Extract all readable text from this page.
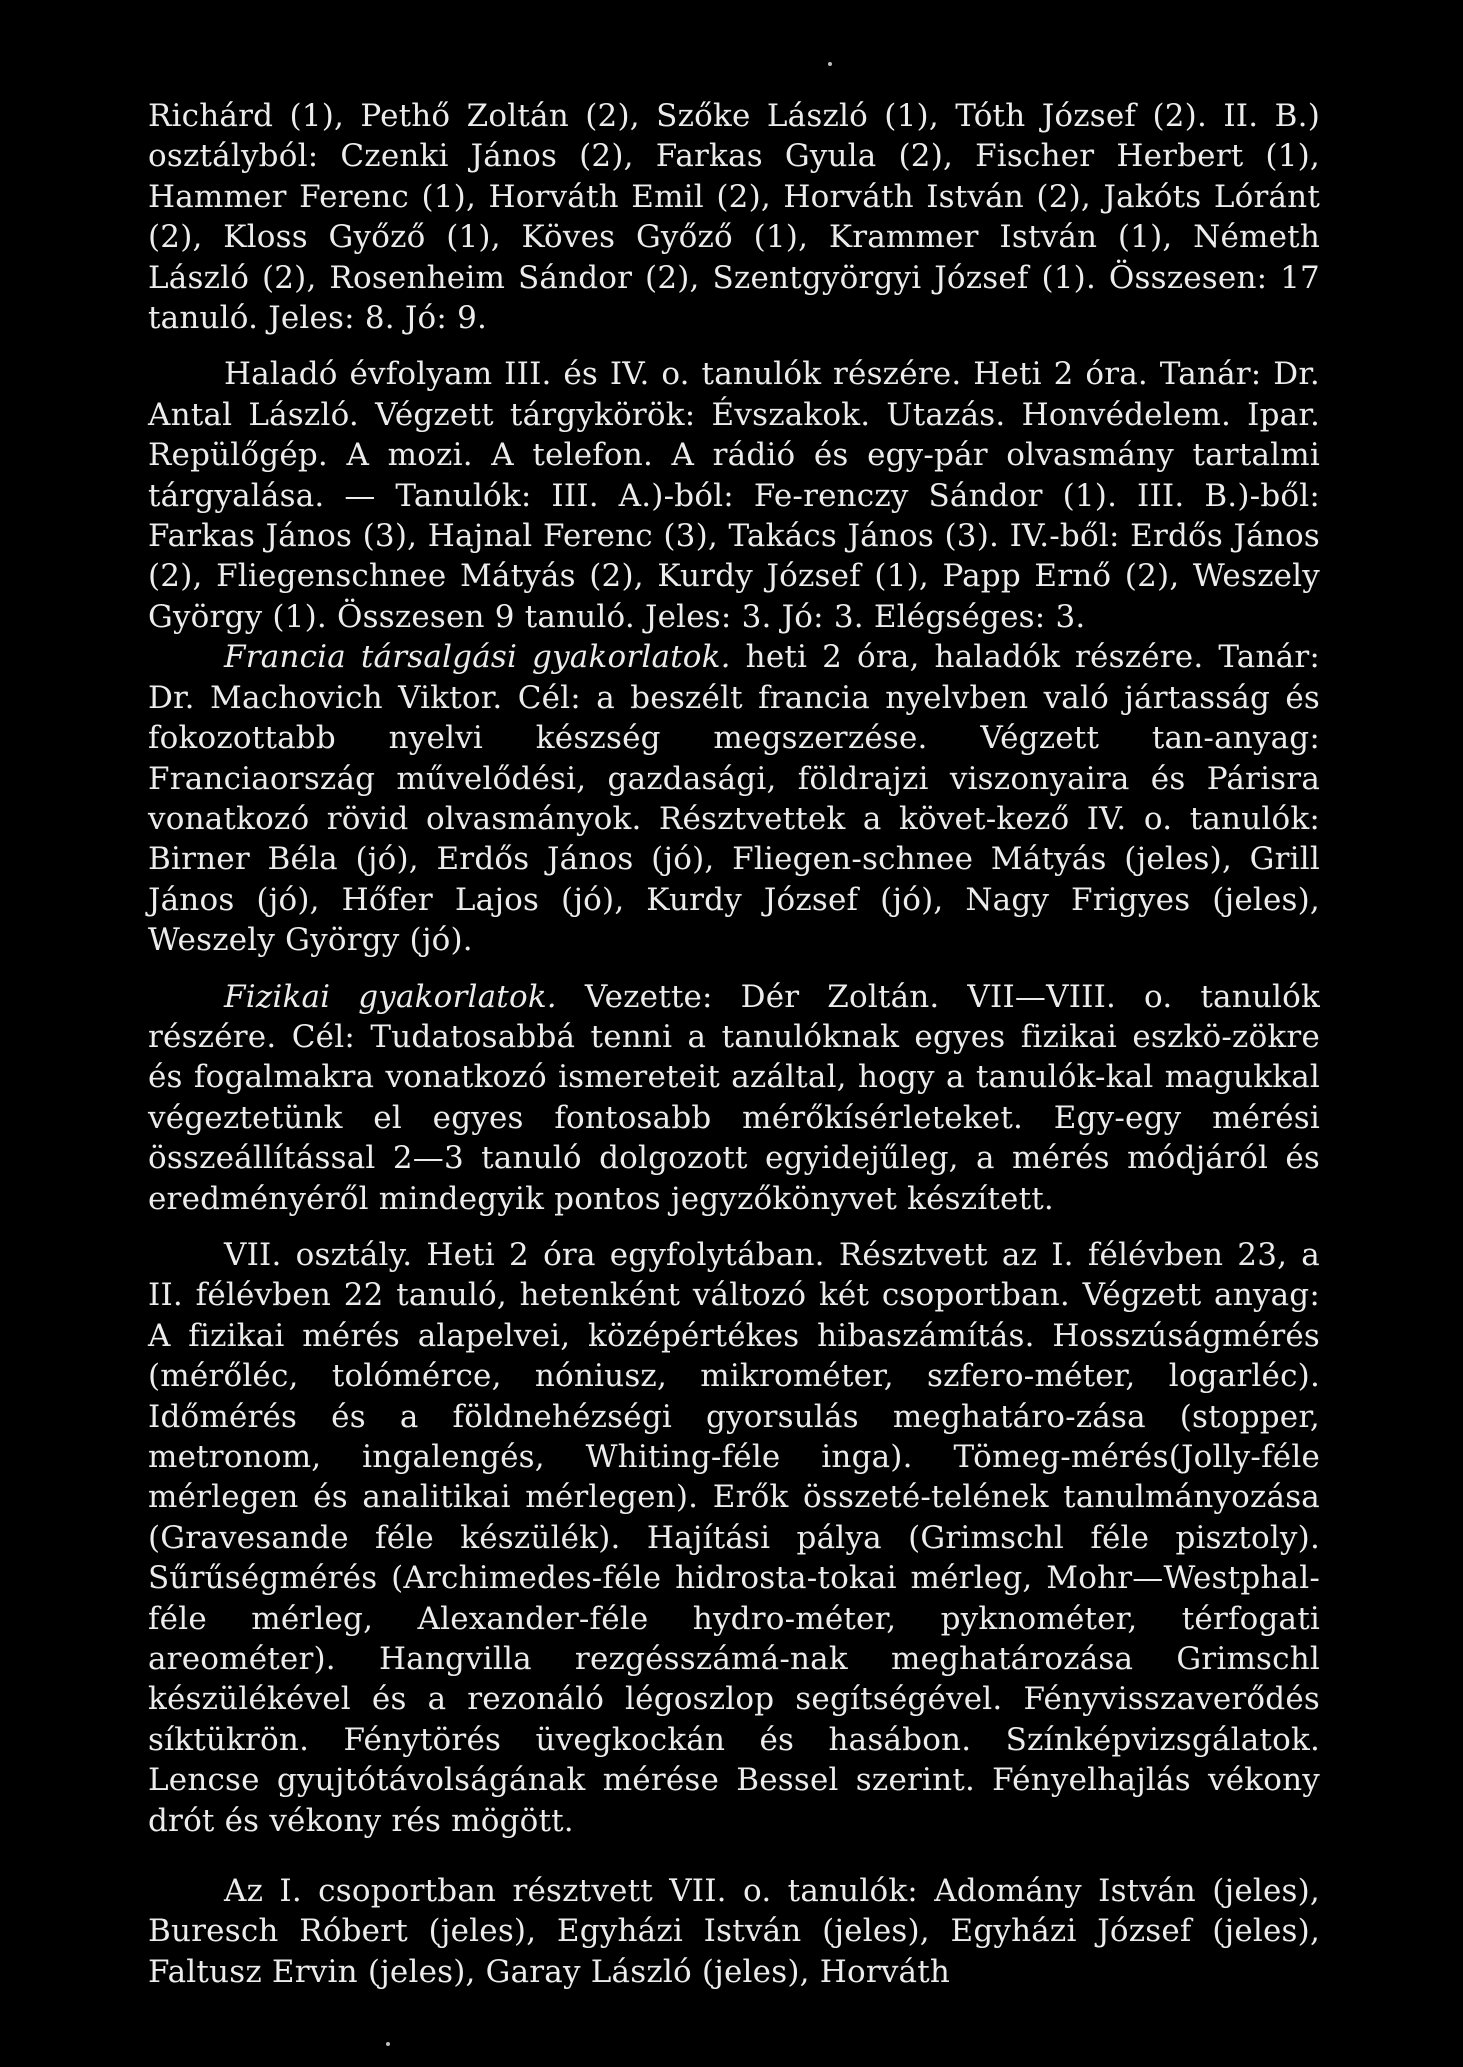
Richárd (1), Pethő Zoltán (2), Szőke László (1), Tóth József (2). II. B.) osztályból: Czenki János (2), Farkas Gyula (2), Fischer Herbert (1), Hammer Ferenc (1), Horváth Emil (2), Horváth István (2), Jakóts Lóránt (2), Kloss Győző (1), Köves Győző (1), Krammer István (1), Németh László (2), Rosenheim Sándor (2), Szentgyörgyi József (1). Összesen: 17 tanuló. Jeles: 8. Jó: 9.

Haladó évfolyam III. és IV. o. tanulók részére. Heti 2 óra. Tanár: Dr. Antal László. Végzett tárgykörök: Évszakok. Utazás. Honvédelem. Ipar. Repülőgép. A mozi. A telefon. A rádió és egy-pár olvasmány tartalmi tárgyalása. — Tanulók: III. A.)-ból: Fe-renczy Sándor (1). III. B.)-ből: Farkas János (3), Hajnal Ferenc (3), Takács János (3). IV.-ből: Erdős János (2), Fliegenschnee Mátyás (2), Kurdy József (1), Papp Ernő (2), Weszely György (1). Összesen 9 tanuló. Jeles: 3. Jó: 3. Elégséges: 3.

Francia társalgási gyakorlatok. heti 2 óra, haladók részére. Tanár: Dr. Machovich Viktor. Cél: a beszélt francia nyelvben való jártasság és fokozottabb nyelvi készség megszerzése. Végzett tan-anyag: Franciaország művelődési, gazdasági, földrajzi viszonyaira és Párisra vonatkozó rövid olvasmányok. Résztvettek a követ-kező IV. o. tanulók: Birner Béla (jó), Erdős János (jó), Fliegen-schnee Mátyás (jeles), Grill János (jó), Hőfer Lajos (jó), Kurdy József (jó), Nagy Frigyes (jeles), Weszely György (jó).

Fizikai gyakorlatok. Vezette: Dér Zoltán. VII—VIII. o. tanulók részére. Cél: Tudatosabbá tenni a tanulóknak egyes fizikai eszkö-zökre és fogalmakra vonatkozó ismereteit azáltal, hogy a tanulók-kal magukkal végeztetünk el egyes fontosabb mérőkísérleteket. Egy-egy mérési összeállítással 2—3 tanuló dolgozott egyidejűleg, a mérés módjáról és eredményéről mindegyik pontos jegyzőkönyvet készített.

VII. osztály. Heti 2 óra egyfolytában. Résztvett az I. félévben 23, a II. félévben 22 tanuló, hetenként változó két csoportban. Végzett anyag: A fizikai mérés alapelvei, középértékes hibaszámítás. Hosszúságmérés (mérőléc, tolómérce, nóniusz, mikrométer, szfero-méter, logarléc). Időmérés és a földnehézségi gyorsulás meghatáro-zása (stopper, metronom, ingalengés, Whiting-féle inga). Tömeg-mérés(Jolly-féle mérlegen és analitikai mérlegen). Erők összeté-telének tanulmányozása (Gravesande féle készülék). Hajítási pálya (Grimschl féle pisztoly). Sűrűségmérés (Archimedes-féle hidrosta-tokai mérleg, Mohr—Westphal-féle mérleg, Alexander-féle hydro-méter, pyknométer, térfogati areométer). Hangvilla rezgésszámá-nak meghatározása Grimschl készülékével és a rezonáló légoszlop segítségével. Fényvisszaverődés síktükrön. Fénytörés üvegkockán és hasábon. Színképvizsgálatok. Lencse gyujtótávolságának mérése Bessel szerint. Fényelhajlás vékony drót és vékony rés mögött.

Az I. csoportban résztvett VII. o. tanulók: Adomány István (jeles), Buresch Róbert (jeles), Egyházi István (jeles), Egyházi József (jeles), Faltusz Ervin (jeles), Garay László (jeles), Horváth
